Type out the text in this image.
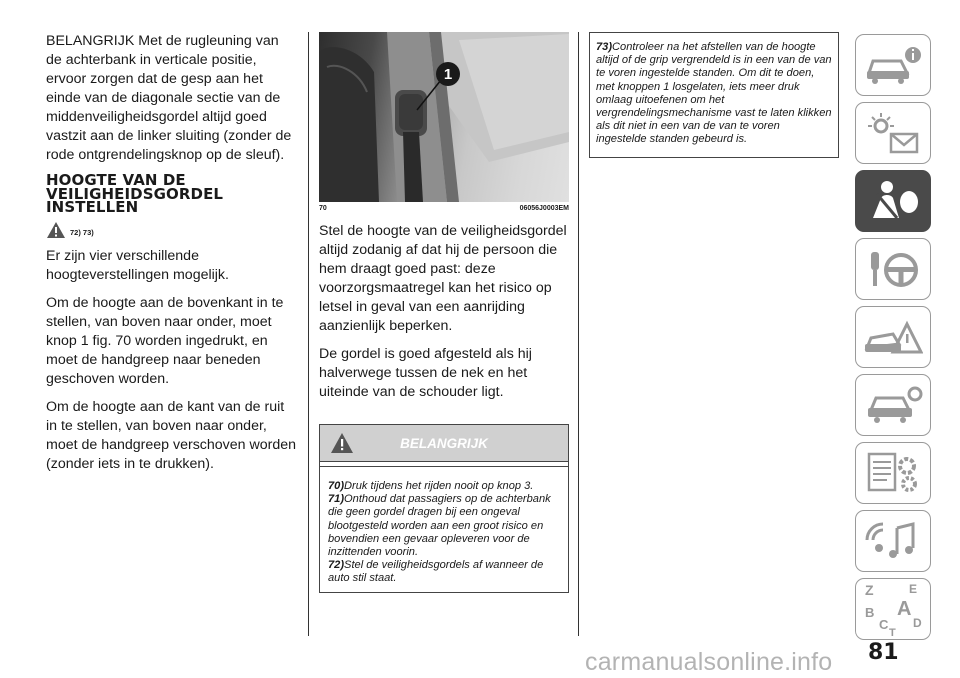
BELANGRIJK Met de rugleuning van de achterbank in verticale positie, ervoor zorgen dat de gesp aan het einde van de diagonale sectie van de middenveiligheidsgordel altijd goed vastzit aan de linker sluiting (zonder de rode ontgrendelingsknop op de sleuf).

HOOGTE VAN DE VEILIGHEIDSGORDEL INSTELLEN
72) 73)

Er zijn vier verschillende hoogteverstellingen mogelijk.

Om de hoogte aan de bovenkant in te stellen, van boven naar onder, moet knop 1 fig. 70 worden ingedrukt, en moet de handgreep naar beneden geschoven worden.

Om de hoogte aan de kant van de ruit in te stellen, van boven naar onder, moet de handgreep verschoven worden (zonder iets in te drukken).

1
70	06056J0003EM

Stel de hoogte van de veiligheidsgordel altijd zodanig af dat hij de persoon die hem draagt goed past: deze voorzorgsmaatregel kan het risico op letsel in geval van een aanrijding aanzienlijk beperken.

De gordel is goed afgesteld als hij halverwege tussen de nek en het uiteinde van de schouder ligt.

BELANGRIJK
70)Druk tijdens het rijden nooit op knop 3.
71)Onthoud dat passagiers op de achterbank die geen gordel dragen bij een ongeval blootgesteld worden aan een groot risico en bovendien een gevaar opleveren voor de inzittenden voorin.
72)Stel de veiligheidsgordels af wanneer de auto stil staat.
73)Controleer na het afstellen van de hoogte altijd of de grip vergrendeld is in een van de van te voren ingestelde standen. Om dit te doen, met knoppen 1 losgelaten, iets meer druk omlaag uitoefenen om het vergrendelingsmechanisme vast te laten klikken als dit niet in een van de van te voren ingestelde standen gebeurd is.
Z	E
B A
C D
T
81
carmanualsonline.info
